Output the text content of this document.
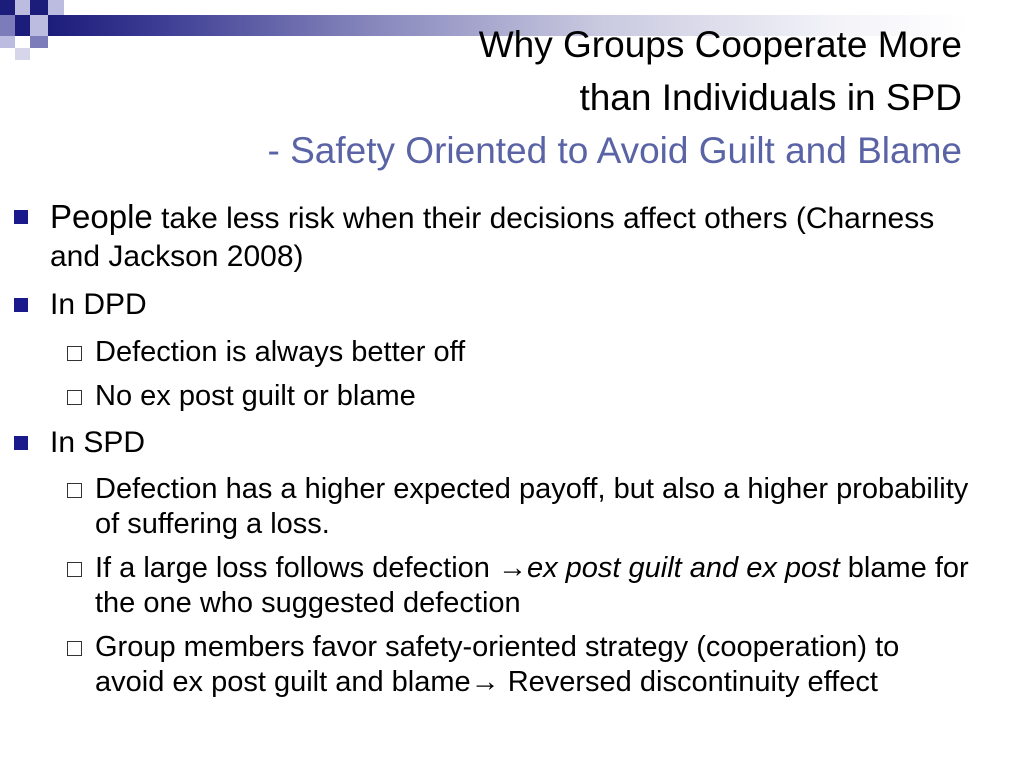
Why Groups Cooperate More
than Individuals in SPD
- Safety Oriented to Avoid Guilt and Blame
People take less risk when their decisions affect others (Charness and Jackson 2008)
In DPD
Defection is always better off
No ex post guilt or blame
In SPD
Defection has a higher expected payoff, but also a higher probability of suffering a loss.
If a large loss follows defection →ex post guilt and ex post blame for the one who suggested defection
Group members favor safety-oriented strategy (cooperation) to avoid ex post guilt and blame→ Reversed discontinuity effect
